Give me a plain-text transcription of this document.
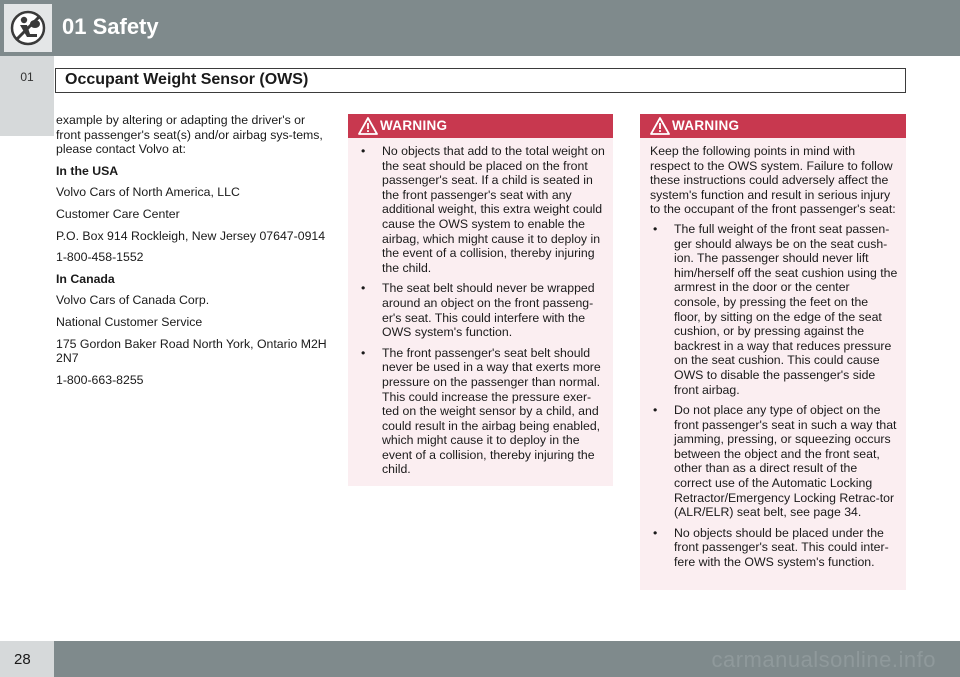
01 Safety
01	Occupant Weight Sensor (OWS)

example by altering or adapting the driver's or front passenger's seat(s) and/or airbag sys-tems, please contact Volvo at:

In the USA

Volvo Cars of North America, LLC

Customer Care Center

P.O. Box 914 Rockleigh, New Jersey 07647-0914

1-800-458-1552

In Canada

Volvo Cars of Canada Corp.

National Customer Service

175 Gordon Baker Road North York, Ontario M2H 2N7

1-800-663-8255

WARNING
• No objects that add to the total weight on the seat should be placed on the front passenger's seat. If a child is seated in the front passenger's seat with any additional weight, this extra weight could cause the OWS system to enable the airbag, which might cause it to deploy in the event of a collision, thereby injuring the child.
• The seat belt should never be wrapped around an object on the front passeng-er's seat. This could interfere with the OWS system's function.
• The front passenger's seat belt should never be used in a way that exerts more pressure on the passenger than normal. This could increase the pressure exer-ted on the weight sensor by a child, and could result in the airbag being enabled, which might cause it to deploy in the event of a collision, thereby injuring the child.
WARNING

Keep the following points in mind with respect to the OWS system. Failure to follow these instructions could adversely affect the system's function and result in serious injury to the occupant of the front passenger's seat:

• The full weight of the front seat passen-ger should always be on the seat cush-ion. The passenger should never lift him/herself off the seat cushion using the armrest in the door or the center console, by pressing the feet on the floor, by sitting on the edge of the seat cushion, or by pressing against the backrest in a way that reduces pressure on the seat cushion. This could cause OWS to disable the passenger's side front airbag.
• Do not place any type of object on the front passenger's seat in such a way that jamming, pressing, or squeezing occurs between the object and the front seat, other than as a direct result of the correct use of the Automatic Locking Retractor/Emergency Locking Retrac-tor (ALR/ELR) seat belt, see page 34.
• No objects should be placed under the front passenger's seat. This could inter-fere with the OWS system's function.
28	carmanualsonline.info
